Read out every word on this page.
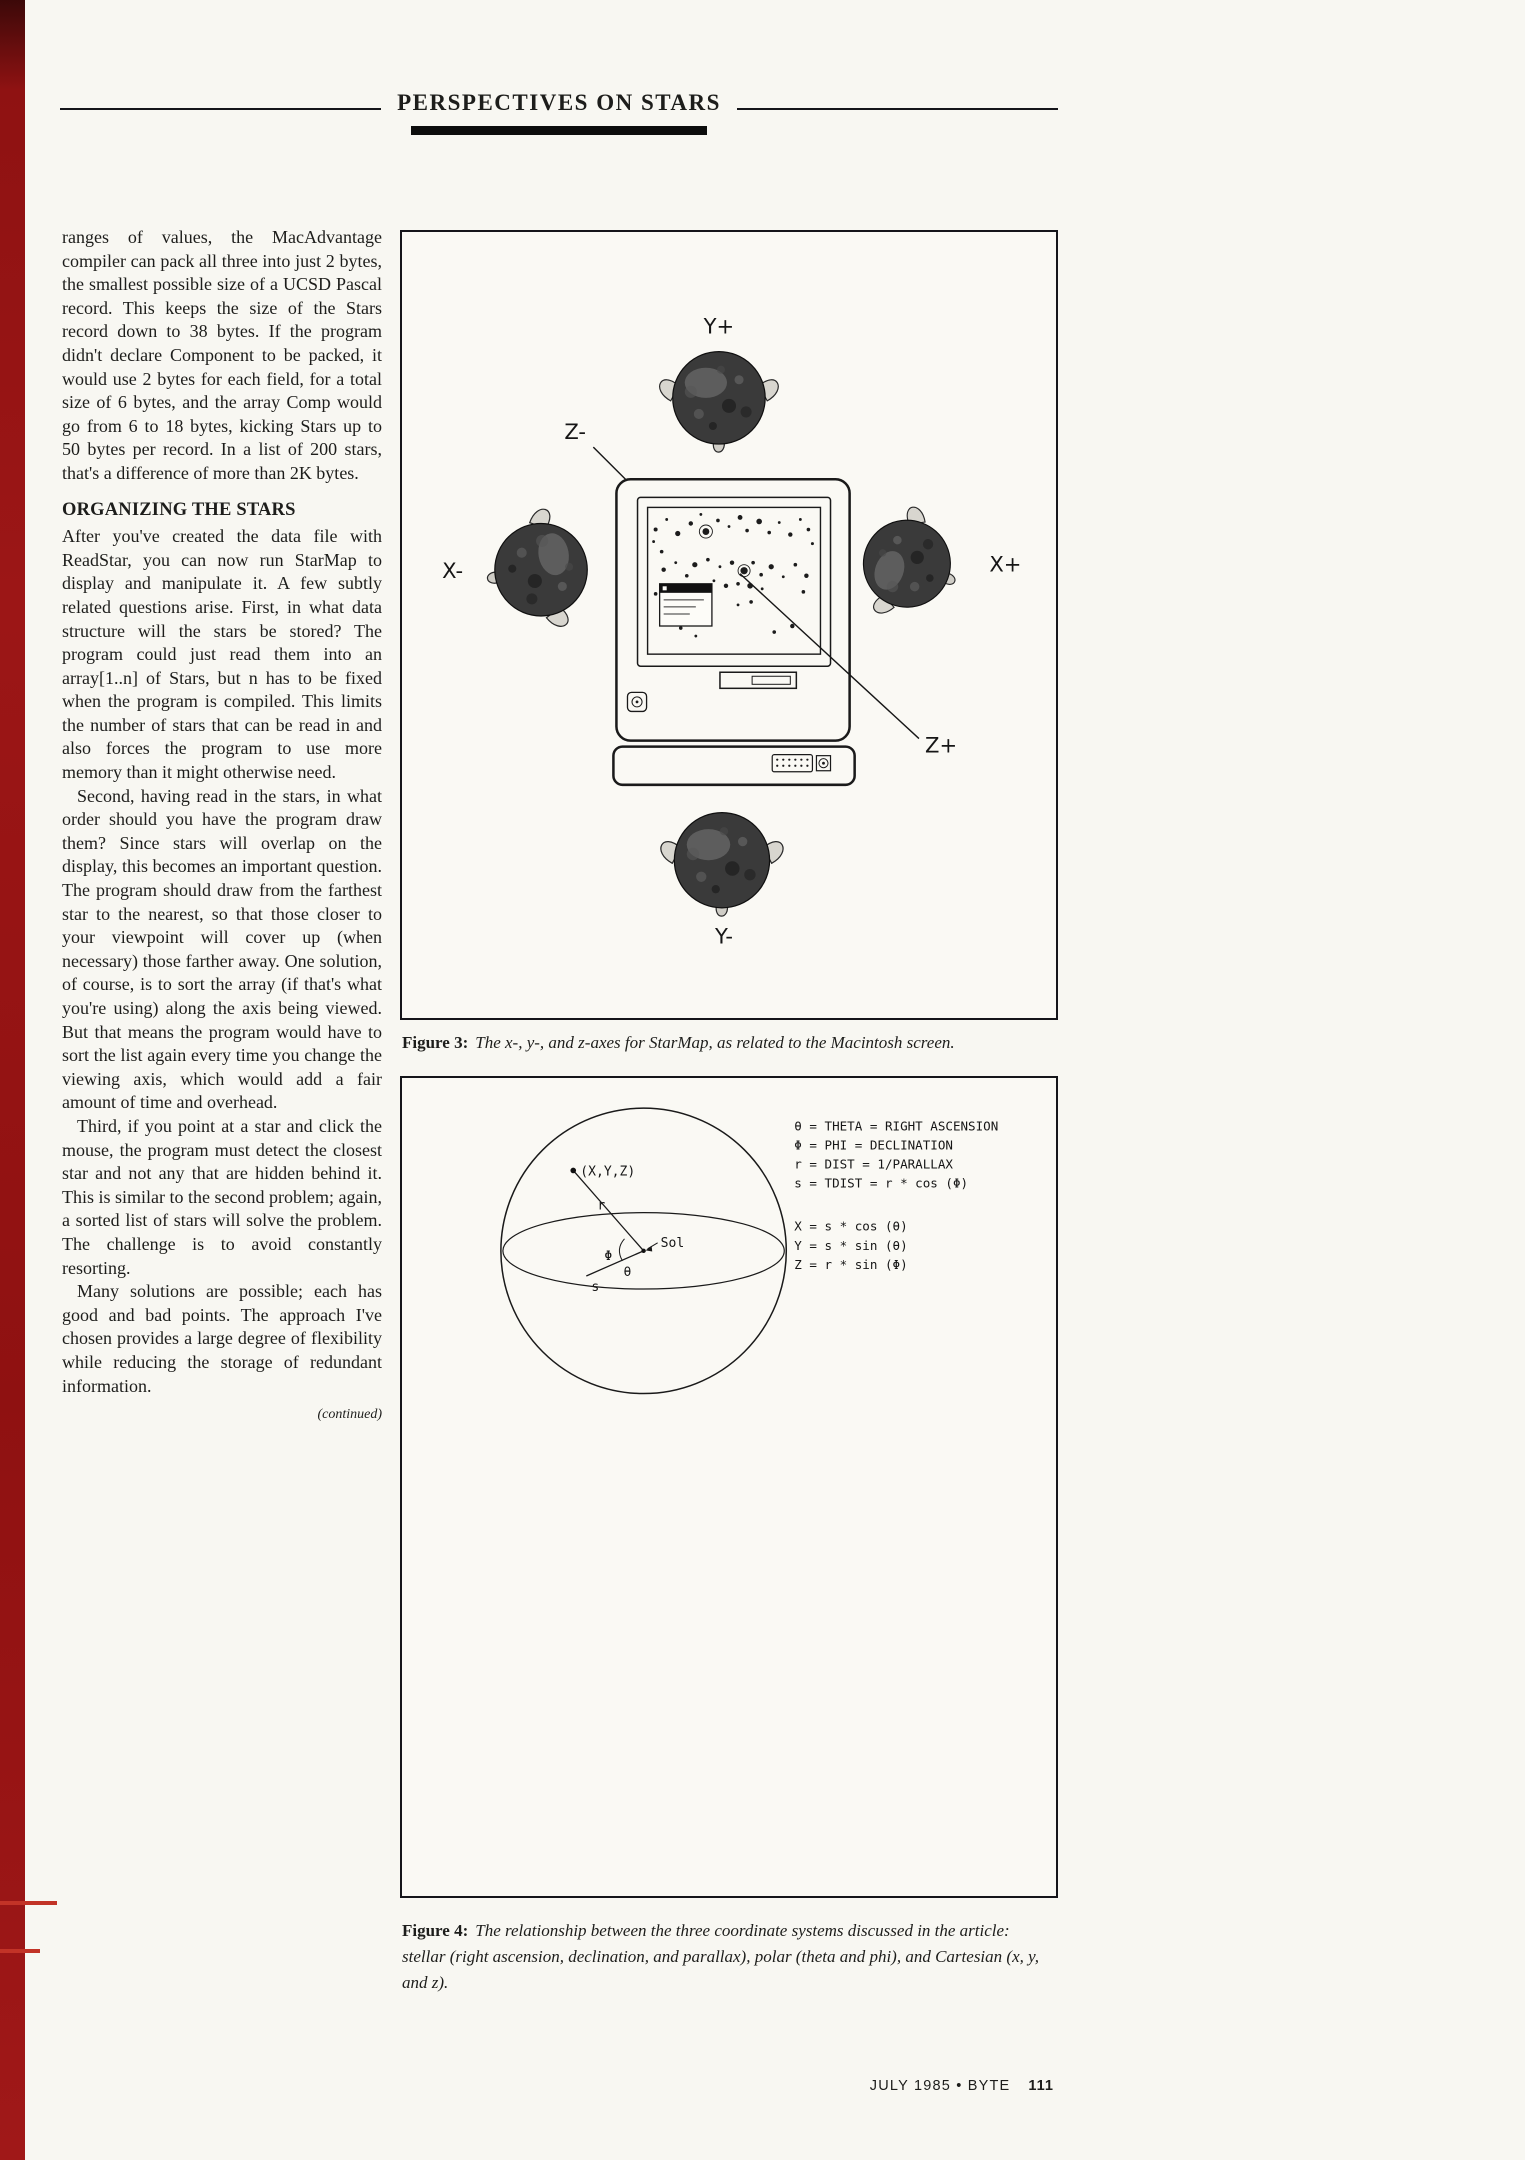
PERSPECTIVES ON STARS

ranges of values, the MacAdvantage compiler can pack all three into just 2 bytes, the smallest possible size of a UCSD Pascal record. This keeps the size of the Stars record down to 38 bytes. If the program didn't declare Component to be packed, it would use 2 bytes for each field, for a total size of 6 bytes, and the array Comp would go from 6 to 18 bytes, kicking Stars up to 50 bytes per record. In a list of 200 stars, that's a difference of more than 2K bytes.

ORGANIZING THE STARS

After you've created the data file with ReadStar, you can now run StarMap to display and manipulate it. A few subtly related questions arise. First, in what data structure will the stars be stored? The program could just read them into an array[1..n] of Stars, but n has to be fixed when the program is compiled. This limits the number of stars that can be read in and also forces the program to use more memory than it might otherwise need.

Second, having read in the stars, in what order should you have the program draw them? Since stars will overlap on the display, this becomes an important question. The program should draw from the farthest star to the nearest, so that those closer to your viewpoint will cover up (when necessary) those farther away. One solution, of course, is to sort the array (if that's what you're using) along the axis being viewed. But that means the program would have to sort the list again every time you change the viewing axis, which would add a fair amount of time and overhead.

Third, if you point at a star and click the mouse, the program must detect the closest star and not any that are hidden behind it. This is similar to the second problem; again, a sorted list of stars will solve the problem. The challenge is to avoid constantly resorting.

Many solutions are possible; each has good and bad points. The approach I've chosen provides a large degree of flexibility while reducing the storage of redundant information.

(continued)
Y+
Z-
X-	X+
Z+
Y-
Figure 3: The x-, y-, and z-axes for StarMap, as related to the Macintosh screen.
(X,Y,Z)
r
Sol
Φ
θ
s
θ = THETA = RIGHT ASCENSION
Φ = PHI = DECLINATION
r = DIST = 1/PARALLAX
s = TDIST = r * cos (Φ)
X = s * cos (θ)
Y = s * sin (θ)
Z = r * sin (Φ)
Figure 4: The relationship between the three coordinate systems discussed in the article: stellar (right ascension, declination, and parallax), polar (theta and phi), and Cartesian (x, y, and z).
JULY 1985 • BYTE 111
